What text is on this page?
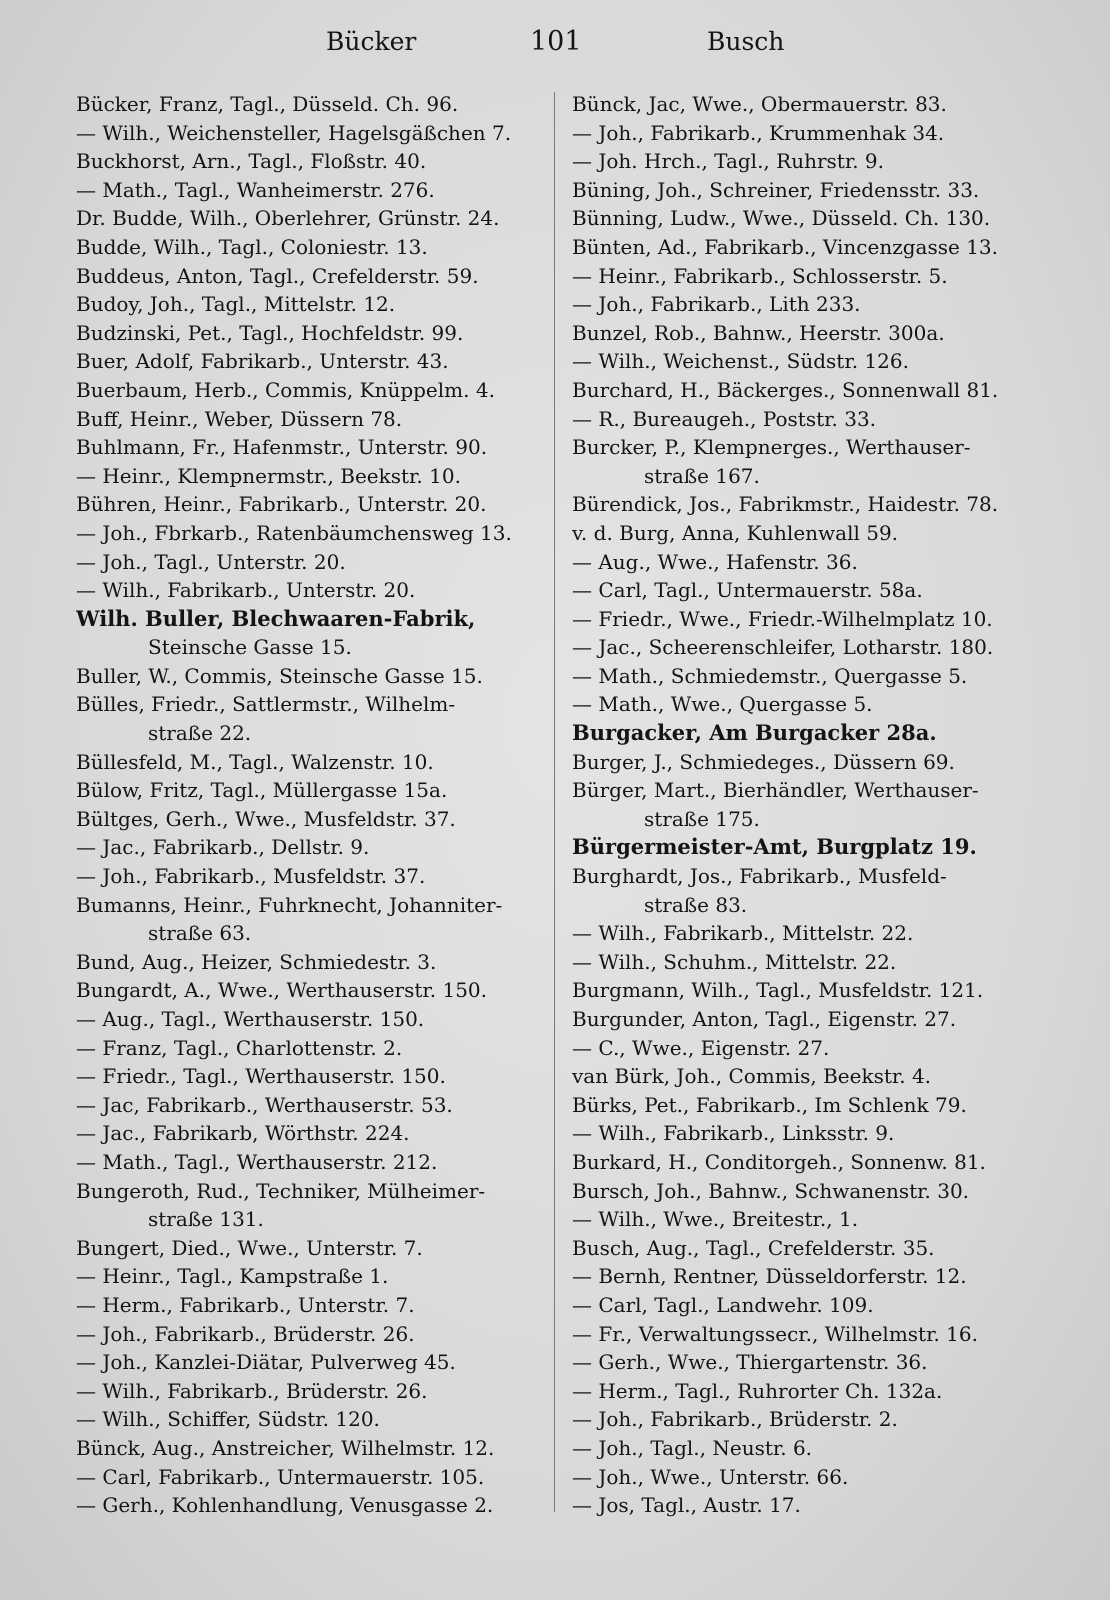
Bücker	101	Busch
Bücker, Franz, Tagl., Düsseld. Ch. 96.
— Wilh., Weichensteller, Hagelsgäßchen 7.
Buckhorst, Arn., Tagl., Floßstr. 40.
— Math., Tagl., Wanheimerstr. 276.
Dr. Budde, Wilh., Oberlehrer, Grünstr. 24.
Budde, Wilh., Tagl., Coloniestr. 13.
Buddeus, Anton, Tagl., Crefelderstr. 59.
Budoy, Joh., Tagl., Mittelstr. 12.
Budzinski, Pet., Tagl., Hochfeldstr. 99.
Buer, Adolf, Fabrikarb., Unterstr. 43.
Buerbaum, Herb., Commis, Knüppelm. 4.
Buff, Heinr., Weber, Düssern 78.
Buhlmann, Fr., Hafenmstr., Unterstr. 90.
— Heinr., Klempnermstr., Beekstr. 10.
Bühren, Heinr., Fabrikarb., Unterstr. 20.
— Joh., Fbrkarb., Ratenbäumchensweg 13.
— Joh., Tagl., Unterstr. 20.
— Wilh., Fabrikarb., Unterstr. 20.
Wilh. Buller, Blechwaaren-Fabrik,
Steinsche Gasse 15.
Buller, W., Commis, Steinsche Gasse 15.
Bülles, Friedr., Sattlermstr., Wilhelm-
straße 22.
Büllesfeld, M., Tagl., Walzenstr. 10.
Bülow, Fritz, Tagl., Müllergasse 15a.
Bültges, Gerh., Wwe., Musfeldstr. 37.
— Jac., Fabrikarb., Dellstr. 9.
— Joh., Fabrikarb., Musfeldstr. 37.
Bumanns, Heinr., Fuhrknecht, Johanniter-
straße 63.
Bund, Aug., Heizer, Schmiedestr. 3.
Bungardt, A., Wwe., Werthauserstr. 150.
— Aug., Tagl., Werthauserstr. 150.
— Franz, Tagl., Charlottenstr. 2.
— Friedr., Tagl., Werthauserstr. 150.
— Jac, Fabrikarb., Werthauserstr. 53.
— Jac., Fabrikarb, Wörthstr. 224.
— Math., Tagl., Werthauserstr. 212.
Bungeroth, Rud., Techniker, Mülheimer-
straße 131.
Bungert, Died., Wwe., Unterstr. 7.
— Heinr., Tagl., Kampstraße 1.
— Herm., Fabrikarb., Unterstr. 7.
— Joh., Fabrikarb., Brüderstr. 26.
— Joh., Kanzlei-Diätar, Pulverweg 45.
— Wilh., Fabrikarb., Brüderstr. 26.
— Wilh., Schiffer, Südstr. 120.
Bünck, Aug., Anstreicher, Wilhelmstr. 12.
— Carl, Fabrikarb., Untermauerstr. 105.
— Gerh., Kohlenhandlung, Venusgasse 2.
Bünck, Jac, Wwe., Obermauerstr. 83.
— Joh., Fabrikarb., Krummenhak 34.
— Joh. Hrch., Tagl., Ruhrstr. 9.
Büning, Joh., Schreiner, Friedensstr. 33.
Bünning, Ludw., Wwe., Düsseld. Ch. 130.
Bünten, Ad., Fabrikarb., Vincenzgasse 13.
— Heinr., Fabrikarb., Schlosserstr. 5.
— Joh., Fabrikarb., Lith 233.
Bunzel, Rob., Bahnw., Heerstr. 300a.
— Wilh., Weichenst., Südstr. 126.
Burchard, H., Bäckerges., Sonnenwall 81.
— R., Bureaugeh., Poststr. 33.
Burcker, P., Klempnerges., Werthauser-
straße 167.
Bürendick, Jos., Fabrikmstr., Haidestr. 78.
v. d. Burg, Anna, Kuhlenwall 59.
— Aug., Wwe., Hafenstr. 36.
— Carl, Tagl., Untermauerstr. 58a.
— Friedr., Wwe., Friedr.-Wilhelmplatz 10.
— Jac., Scheerenschleifer, Lotharstr. 180.
— Math., Schmiedemstr., Quergasse 5.
— Math., Wwe., Quergasse 5.
Burgacker, Am Burgacker 28a.
Burger, J., Schmiedeges., Düssern 69.
Bürger, Mart., Bierhändler, Werthauser-
straße 175.
Bürgermeister-Amt, Burgplatz 19.
Burghardt, Jos., Fabrikarb., Musfeld-
straße 83.
— Wilh., Fabrikarb., Mittelstr. 22.
— Wilh., Schuhm., Mittelstr. 22.
Burgmann, Wilh., Tagl., Musfeldstr. 121.
Burgunder, Anton, Tagl., Eigenstr. 27.
— C., Wwe., Eigenstr. 27.
van Bürk, Joh., Commis, Beekstr. 4.
Bürks, Pet., Fabrikarb., Im Schlenk 79.
— Wilh., Fabrikarb., Linksstr. 9.
Burkard, H., Conditorgeh., Sonnenw. 81.
Bursch, Joh., Bahnw., Schwanenstr. 30.
— Wilh., Wwe., Breitestr., 1.
Busch, Aug., Tagl., Crefelderstr. 35.
— Bernh, Rentner, Düsseldorferstr. 12.
— Carl, Tagl., Landwehr. 109.
— Fr., Verwaltungssecr., Wilhelmstr. 16.
— Gerh., Wwe., Thiergartenstr. 36.
— Herm., Tagl., Ruhrorter Ch. 132a.
— Joh., Fabrikarb., Brüderstr. 2.
— Joh., Tagl., Neustr. 6.
— Joh., Wwe., Unterstr. 66.
— Jos, Tagl., Austr. 17.
